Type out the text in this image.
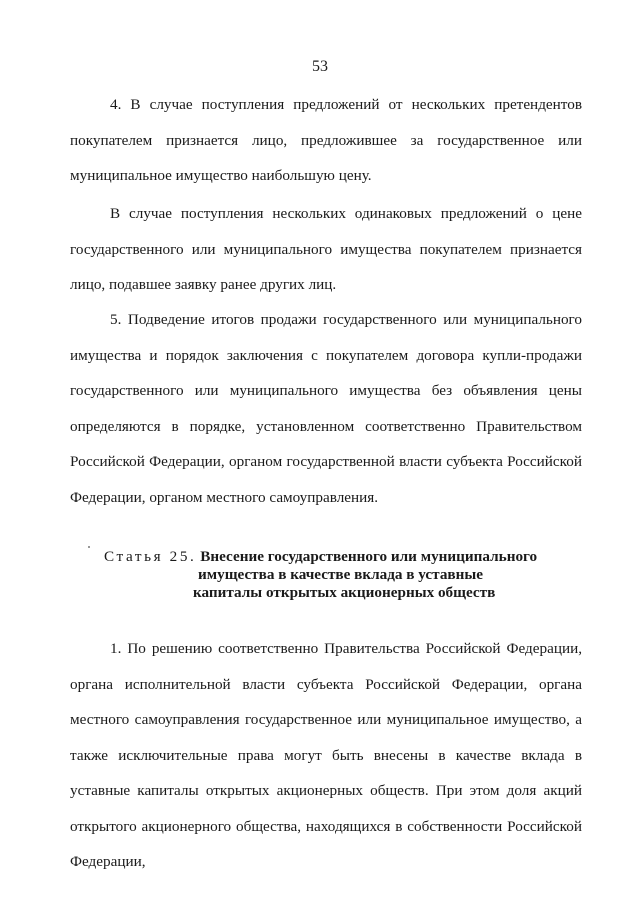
53

4. В случае поступления предложений от нескольких претендентов покупателем признается лицо, предложившее за государственное или муниципальное имущество наибольшую цену.

В случае поступления нескольких одинаковых предложений о цене государственного или муниципального имущества покупателем признается лицо, подавшее заявку ранее других лиц.

5. Подведение итогов продажи государственного или муниципального имущества и порядок заключения с покупателем договора купли-продажи государственного или муниципального имущества без объявления цены определяются в порядке, установленном соответственно Правительством Российской Федерации, органом государственной власти субъекта Российской Федерации, органом местного самоуправления.

Статья 25. Внесение государственного или муниципального
имущества в качестве вклада в уставные
капиталы открытых акционерных обществ

1. По решению соответственно Правительства Российской Федерации, органа исполнительной власти субъекта Российской Федерации, органа местного самоуправления государственное или муниципальное имущество, а также исключительные права могут быть внесены в качестве вклада в уставные капиталы открытых акционерных обществ. При этом доля акций открытого акционерного общества, находящихся в собственности Российской Федерации,
